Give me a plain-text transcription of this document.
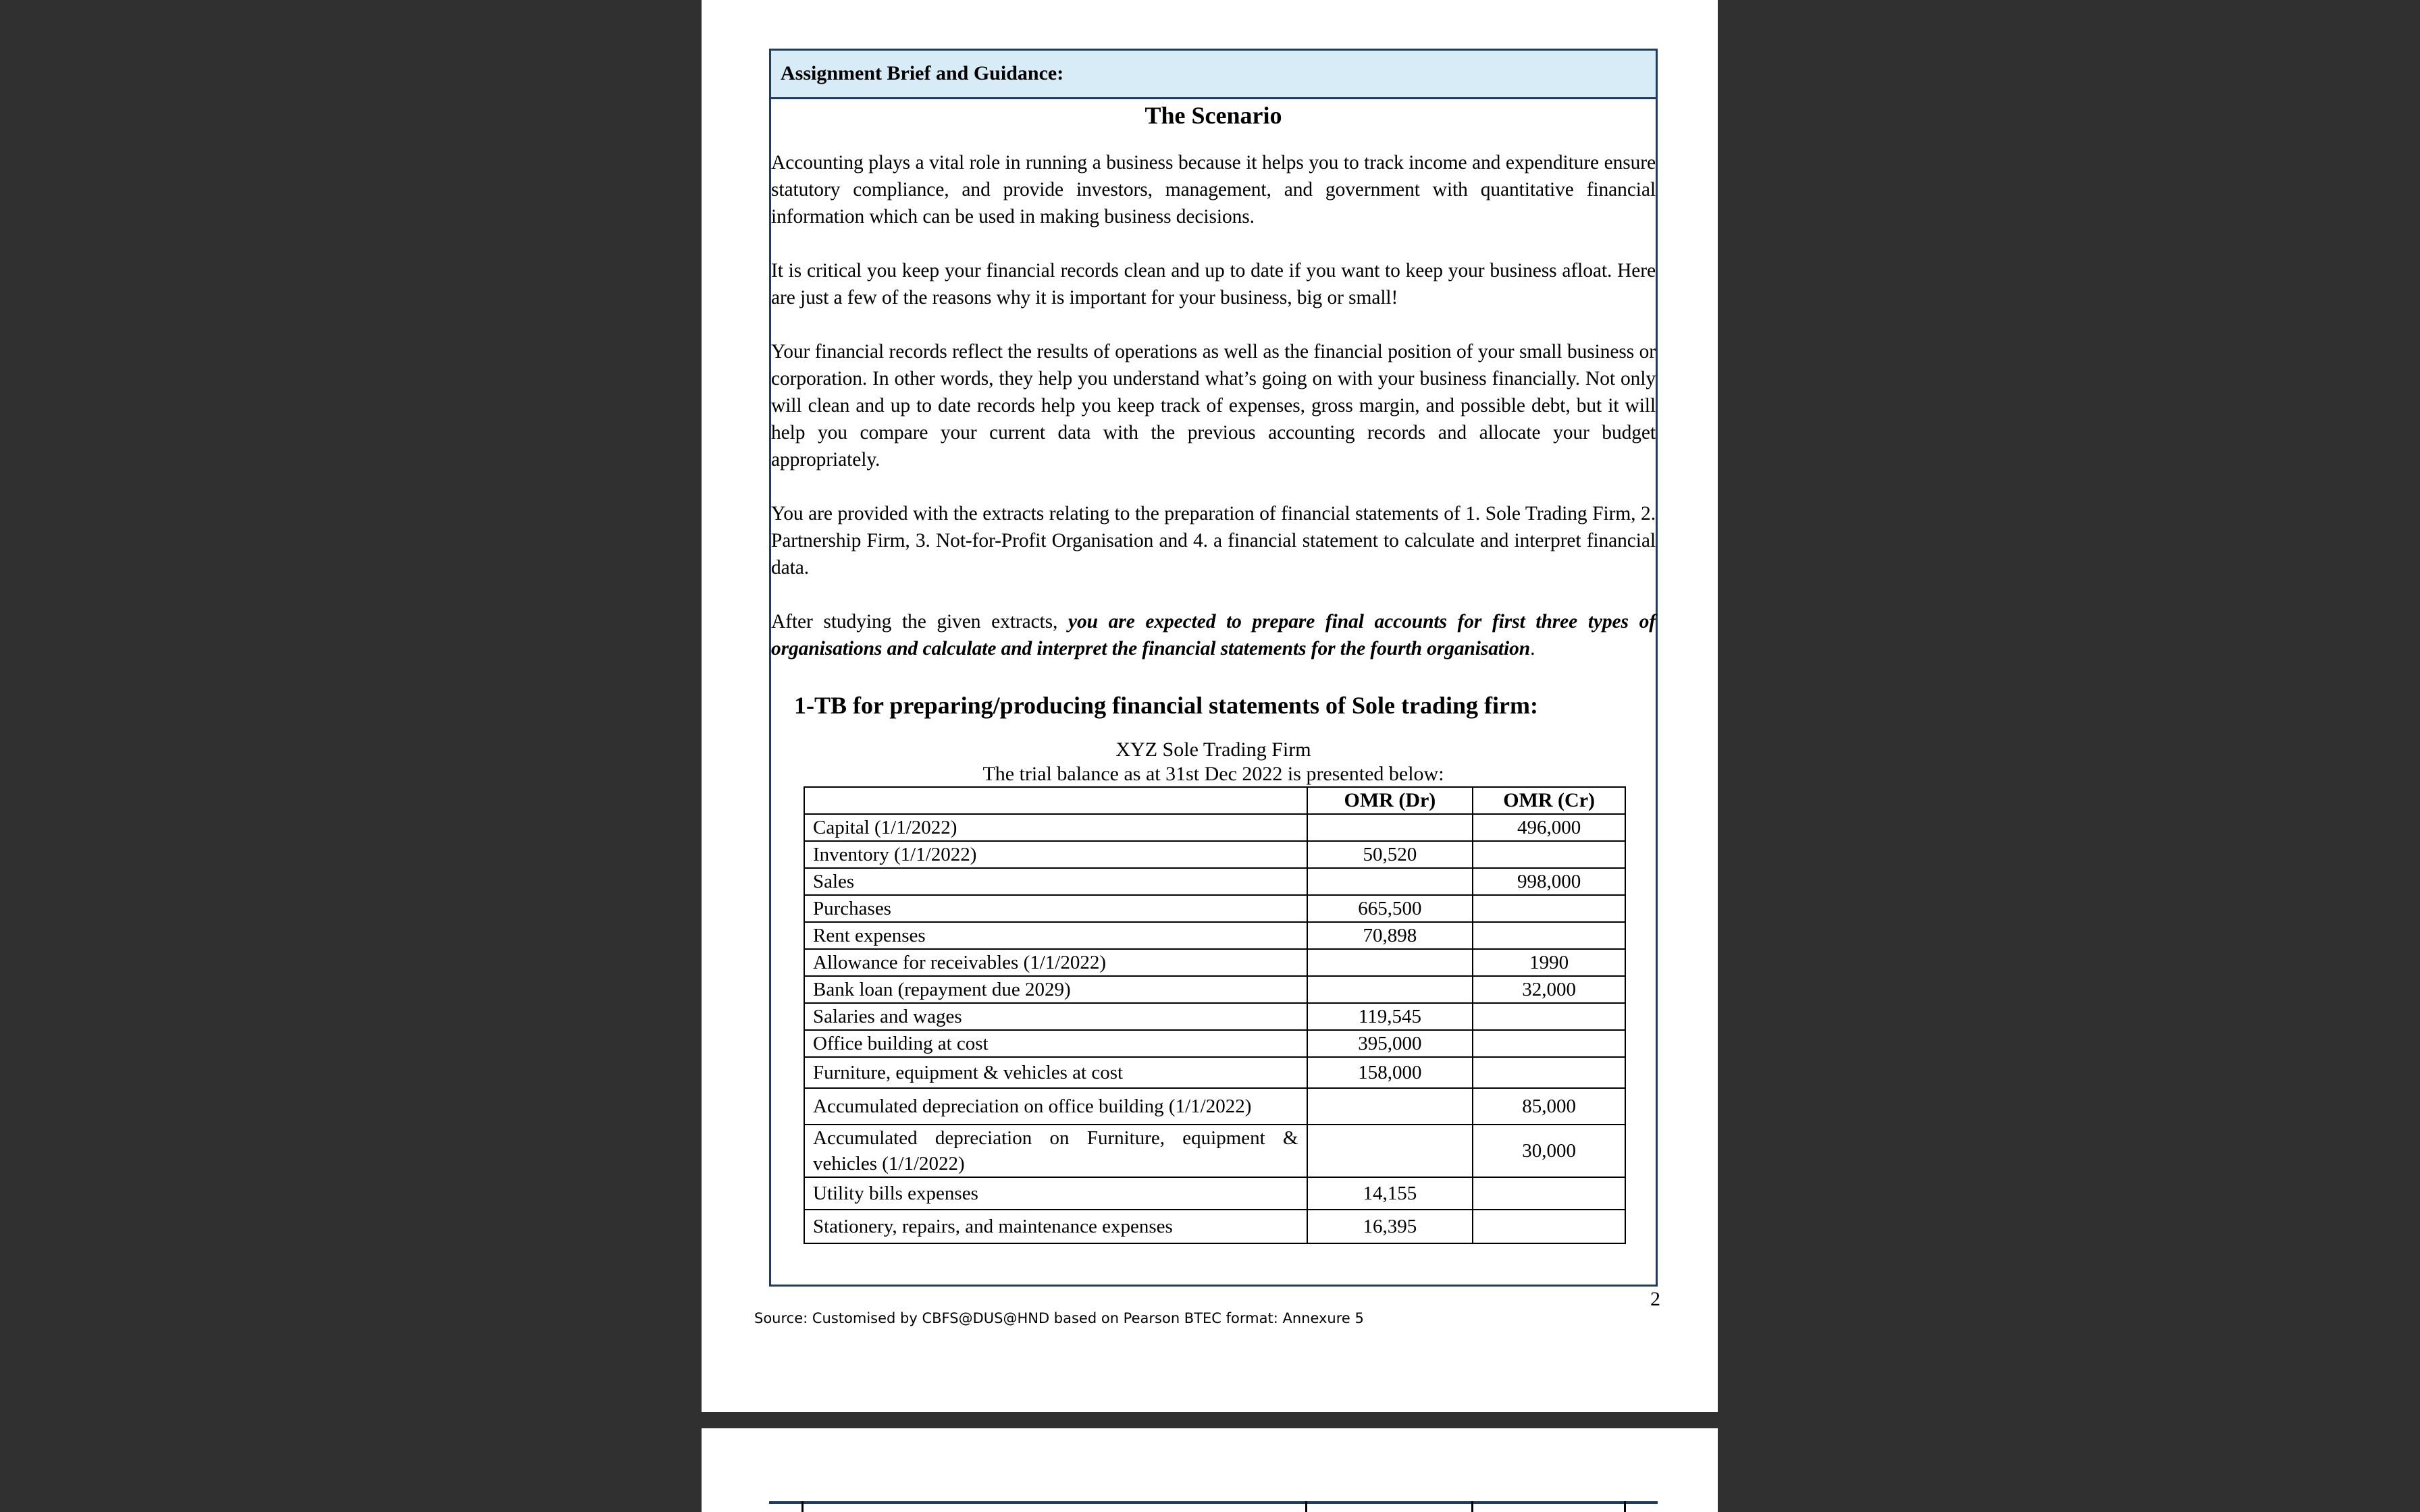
Assignment Brief and Guidance:
The Scenario

Accounting plays a vital role in running a business because it helps you to track income and expenditure ensure statutory compliance, and provide investors, management, and government with quantitative financial information which can be used in making business decisions.

It is critical you keep your financial records clean and up to date if you want to keep your business afloat. Here are just a few of the reasons why it is important for your business, big or small!

Your financial records reflect the results of operations as well as the financial position of your small business or corporation. In other words, they help you understand what’s going on with your business financially. Not only will clean and up to date records help you keep track of expenses, gross margin, and possible debt, but it will help you compare your current data with the previous accounting records and allocate your budget appropriately.

You are provided with the extracts relating to the preparation of financial statements of 1. Sole Trading Firm, 2. Partnership Firm, 3. Not-for-Profit Organisation and 4. a financial statement to calculate and interpret financial data.

After studying the given extracts, you are expected to prepare final accounts for first three types of organisations and calculate and interpret the financial statements for the fourth organisation.

1-TB for preparing/producing financial statements of Sole trading firm:
XYZ Sole Trading Firm
The trial balance as at 31st Dec 2022 is presented below:
	OMR (Dr)	OMR (Cr)
Capital (1/1/2022)		496,000
Inventory (1/1/2022)	50,520	
Sales		998,000
Purchases	665,500	
Rent expenses	70,898	
Allowance for receivables (1/1/2022)		1990
Bank loan (repayment due 2029)		32,000
Salaries and wages	119,545	
Office building at cost	395,000	
Furniture, equipment & vehicles at cost	158,000	
Accumulated depreciation on office building (1/1/2022)		85,000
Accumulated depreciation on Furniture, equipment & vehicles (1/1/2022)		30,000
Utility bills expenses	14,155	
Stationery, repairs, and maintenance expenses	16,395	
2
Source: Customised by CBFS@DUS@HND based on Pearson BTEC format: Annexure 5
